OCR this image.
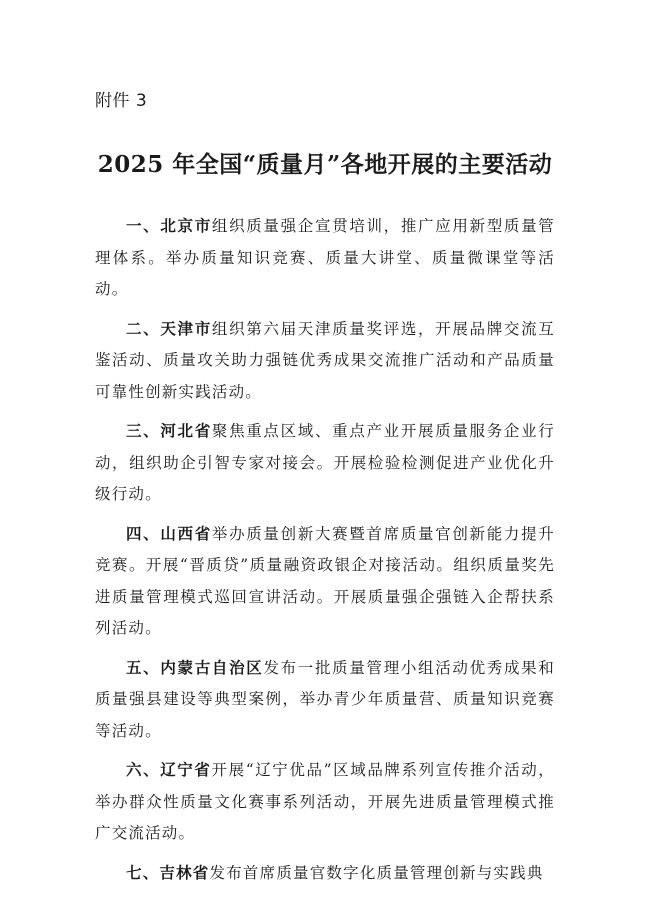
附件 3
2025 年全国“质量月”各地开展的主要活动

一、北京市组织质量强企宣贯培训，推广应用新型质量管理体系。举办质量知识竞赛、质量大讲堂、质量微课堂等活动。

二、天津市组织第六届天津质量奖评选，开展品牌交流互鉴活动、质量攻关助力强链优秀成果交流推广活动和产品质量可靠性创新实践活动。

三、河北省聚焦重点区域、重点产业开展质量服务企业行动，组织助企引智专家对接会。开展检验检测促进产业优化升级行动。

四、山西省举办质量创新大赛暨首席质量官创新能力提升竞赛。开展“晋质贷”质量融资政银企对接活动。组织质量奖先进质量管理模式巡回宣讲活动。开展质量强企强链入企帮扶系列活动。

五、内蒙古自治区发布一批质量管理小组活动优秀成果和质量强县建设等典型案例，举办青少年质量营、质量知识竞赛等活动。

六、辽宁省开展“辽宁优品”区域品牌系列宣传推介活动，举办群众性质量文化赛事系列活动，开展先进质量管理模式推广交流活动。

七、吉林省发布首席质量官数字化质量管理创新与实践典
